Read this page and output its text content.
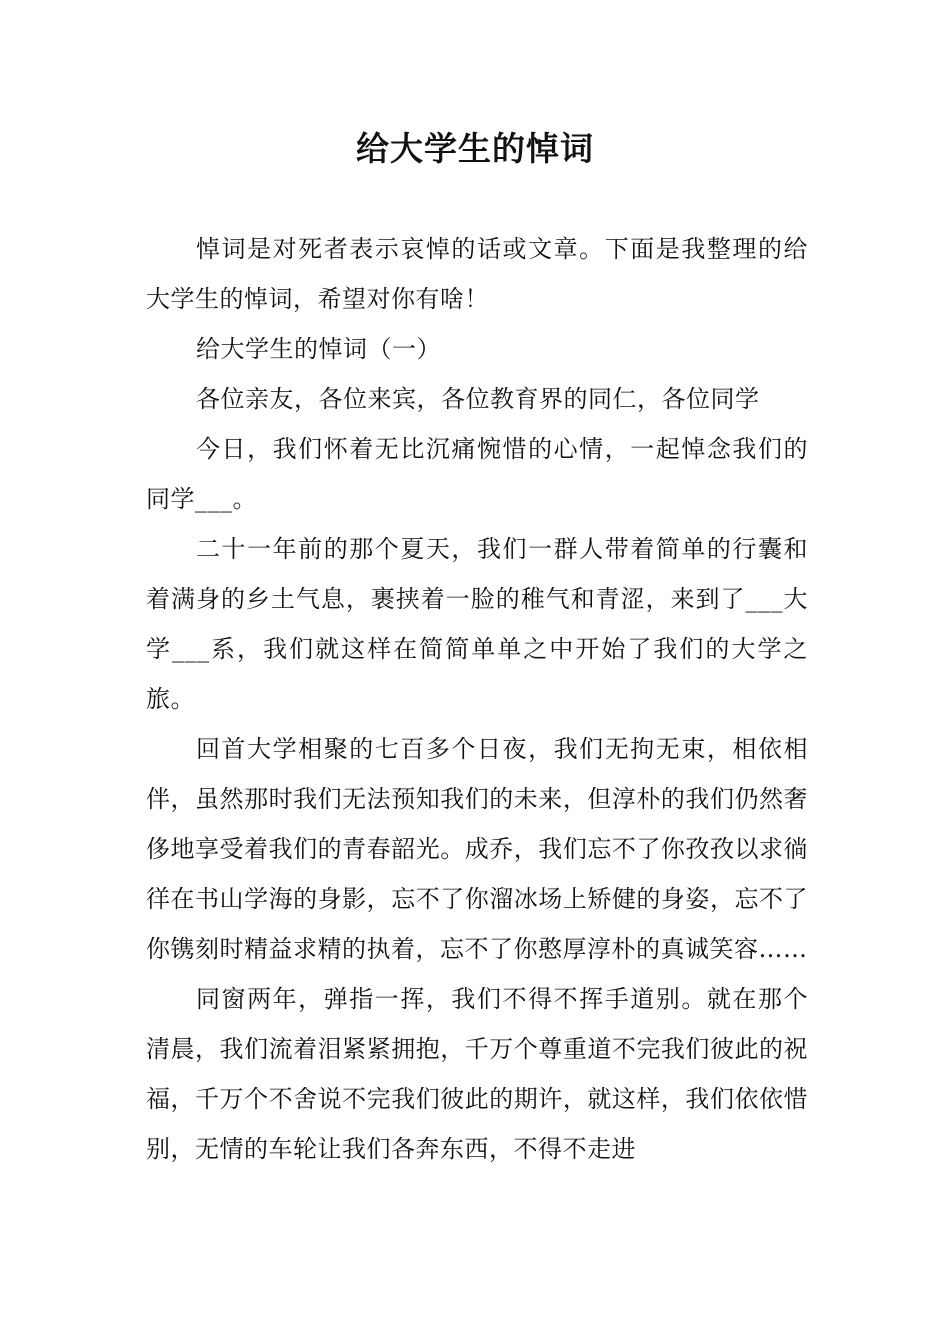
给大学生的悼词

悼词是对死者表示哀悼的话或文章。下面是我整理的给大学生的悼词，希望对你有啥！

给大学生的悼词（一）

各位亲友，各位来宾，各位教育界的同仁，各位同学

今日，我们怀着无比沉痛惋惜的心情，一起悼念我们的同学___。

二十一年前的那个夏天，我们一群人带着简单的行囊和着满身的乡土气息，裹挟着一脸的稚气和青涩，来到了___大学___系，我们就这样在简简单单之中开始了我们的大学之旅。

回首大学相聚的七百多个日夜，我们无拘无束，相依相伴，虽然那时我们无法预知我们的未来，但淳朴的我们仍然奢侈地享受着我们的青春韶光。成乔，我们忘不了你孜孜以求徜徉在书山学海的身影，忘不了你溜冰场上矫健的身姿，忘不了你镌刻时精益求精的执着，忘不了你憨厚淳朴的真诚笑容……

同窗两年，弹指一挥，我们不得不挥手道别。就在那个清晨，我们流着泪紧紧拥抱，千万个尊重道不完我们彼此的祝福，千万个不舍说不完我们彼此的期许，就这样，我们依依惜别，无情的车轮让我们各奔东西，不得不走进
